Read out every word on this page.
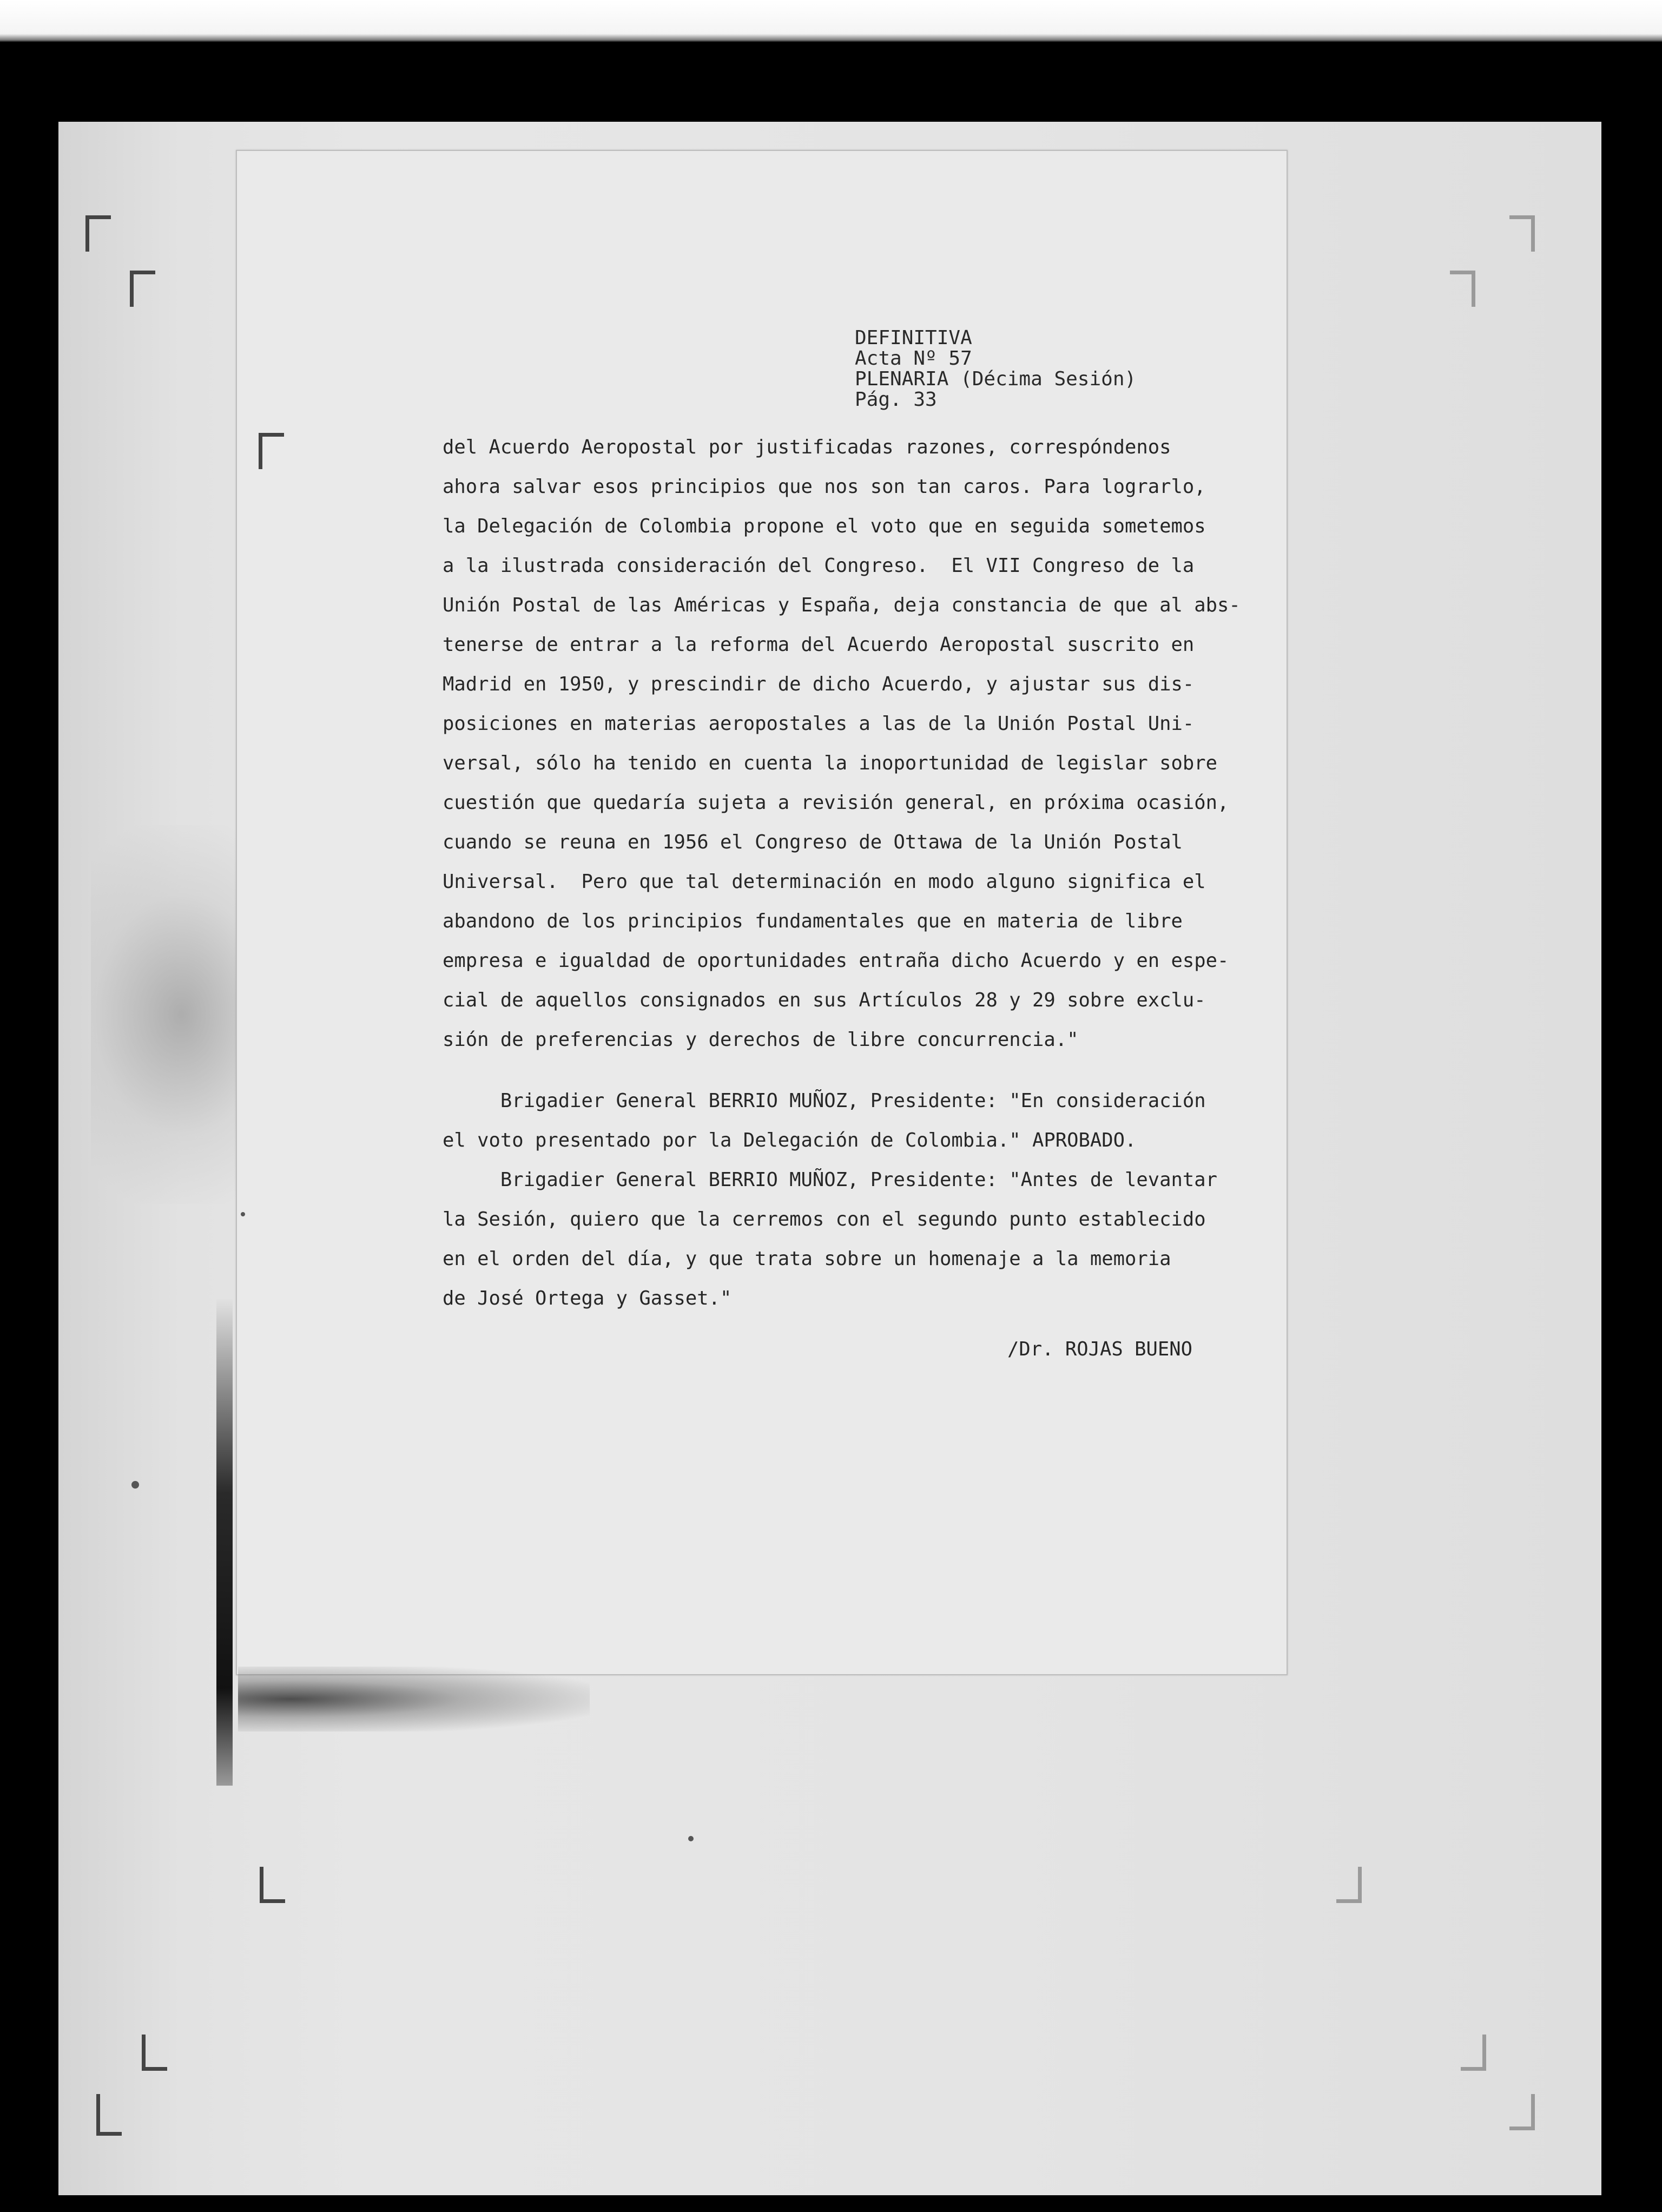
DEFINITIVA
Acta Nº 57
PLENARIA (Décima Sesión)
Pág. 33
del Acuerdo Aeropostal por justificadas razones, correspóndenos
ahora salvar esos principios que nos son tan caros. Para lograrlo,
la Delegación de Colombia propone el voto que en seguida sometemos
a la ilustrada consideración del Congreso.  El VII Congreso de la
Unión Postal de las Américas y España, deja constancia de que al abs-
tenerse de entrar a la reforma del Acuerdo Aeropostal suscrito en
Madrid en 1950, y prescindir de dicho Acuerdo, y ajustar sus dis-
posiciones en materias aeropostales a las de la Unión Postal Uni-
versal, sólo ha tenido en cuenta la inoportunidad de legislar sobre
cuestión que quedaría sujeta a revisión general, en próxima ocasión,
cuando se reuna en 1956 el Congreso de Ottawa de la Unión Postal
Universal.  Pero que tal determinación en modo alguno significa el
abandono de los principios fundamentales que en materia de libre
empresa e igualdad de oportunidades entraña dicho Acuerdo y en espe-
cial de aquellos consignados en sus Artículos 28 y 29 sobre exclu-
sión de preferencias y derechos de libre concurrencia."
Brigadier General BERRIO MUÑOZ, Presidente: "En consideración
el voto presentado por la Delegación de Colombia." APROBADO.
Brigadier General BERRIO MUÑOZ, Presidente: "Antes de levantar
la Sesión, quiero que la cerremos con el segundo punto establecido
en el orden del día, y que trata sobre un homenaje a la memoria
de José Ortega y Gasset."
/Dr. ROJAS BUENO
